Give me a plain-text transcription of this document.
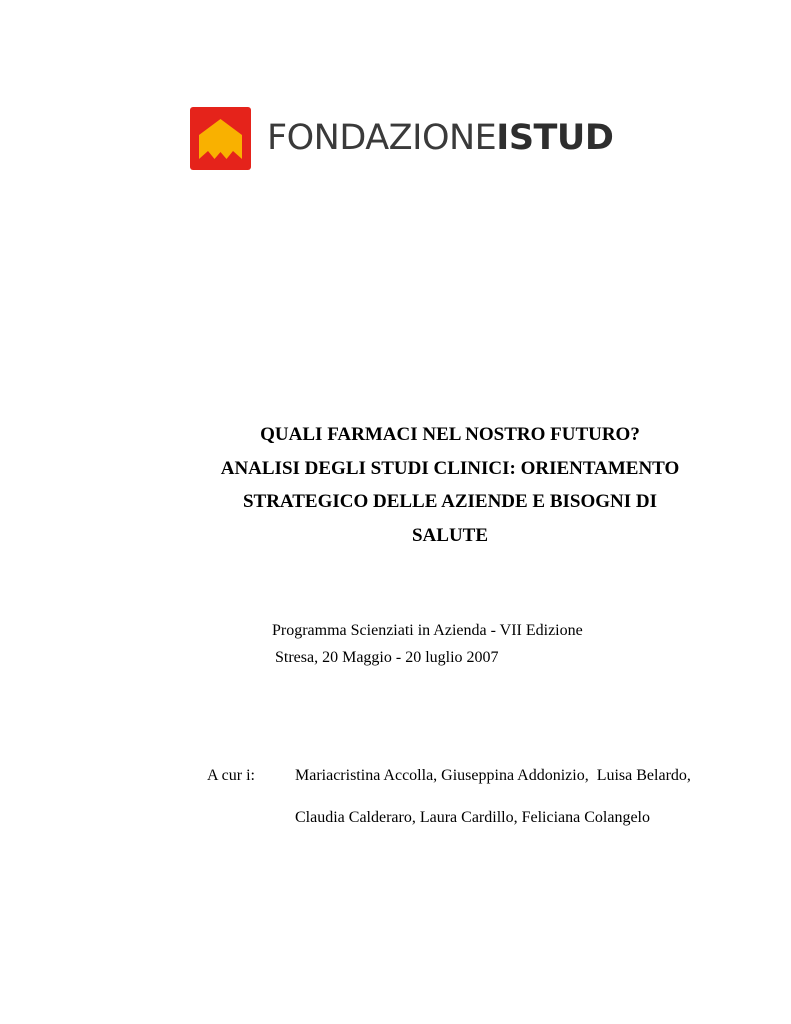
FONDAZIONEISTUD
QUALI FARMACI NEL NOSTRO FUTURO?
ANALISI DEGLI STUDI CLINICI: ORIENTAMENTO
STRATEGICO DELLE AZIENDE E BISOGNI DI
SALUTE
Programma Scienziati in Azienda - VII Edizione
Stresa, 20 Maggio - 20 luglio 2007
A cur i:	Mariacristina Accolla, Giuseppina Addonizio,  Luisa Belardo,
Claudia Calderaro, Laura Cardillo, Feliciana Colangelo
